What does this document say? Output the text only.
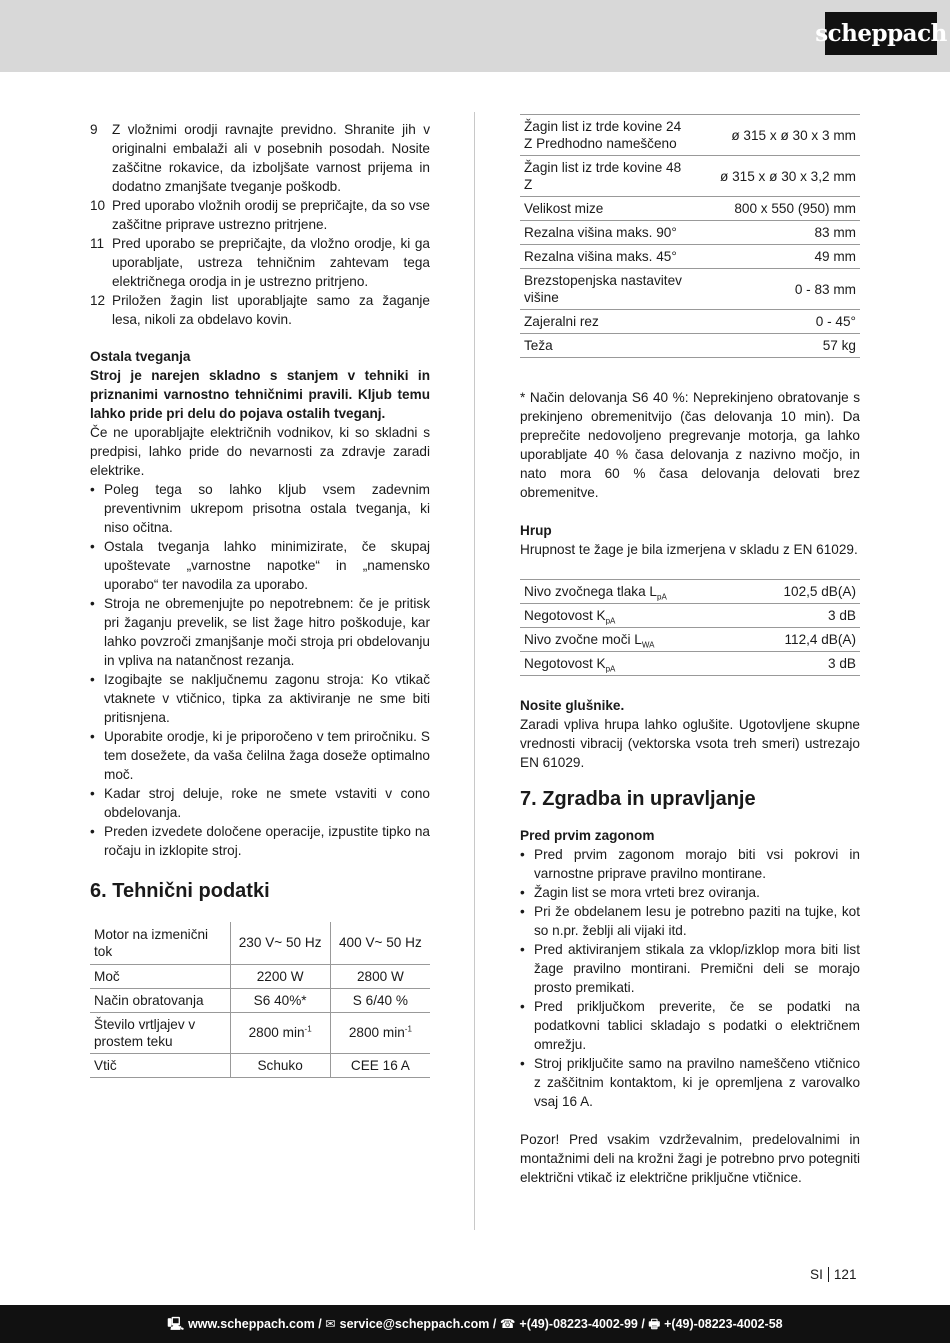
scheppach
9	Z vložnimi orodji ravnajte previdno. Shranite jih v originalni embalaži ali v posebnih posodah. Nosite zaščitne rokavice, da izboljšate varnost prijema in dodatno zmanjšate tveganje poškodb.
10 Pred uporabo vložnih orodij se prepričajte, da so vse zaščitne priprave ustrezno pritrjene.
11 Pred uporabo se prepričajte, da vložno orodje, ki ga uporabljate, ustreza tehničnim zahtevam tega električnega orodja in je ustrezno pritrjeno.
12 Priložen žagin list uporabljajte samo za žaganje lesa, nikoli za obdelavo kovin.
Ostala tveganja

Stroj je narejen skladno s stanjem v tehniki in priznanimi varnostno tehničnimi pravili. Kljub temu lahko pride pri delu do pojava ostalih tveganj.

Če ne uporabljajte električnih vodnikov, ki so skladni s predpisi, lahko pride do nevarnosti za zdravje zaradi elektrike.

• Poleg tega so lahko kljub vsem zadevnim preventivnim ukrepom prisotna ostala tveganja, ki niso očitna.
• Ostala tveganja lahko minimizirate, če skupaj upoštevate „varnostne napotke“ in „namensko uporabo“ ter navodila za uporabo.
• Stroja ne obremenjujte po nepotrebnem: če je pritisk pri žaganju prevelik, se list žage hitro poškoduje, kar lahko povzroči zmanjšanje moči stroja pri obdelovanju in vpliva na natančnost rezanja.
• Izogibajte se naključnemu zagonu stroja: Ko vtikač vtaknete v vtičnico, tipka za aktiviranje ne sme biti pritisnjena.
• Uporabite orodje, ki je priporočeno v tem priročniku. S tem dosežete, da vaša čelilna žaga doseže optimalno moč.
• Kadar stroj deluje, roke ne smete vstaviti v cono obdelovanja.
• Preden izvedete določene operacije, izpustite tipko na ročaju in izklopite stroj.
6. Tehnični podatki
Motor na izmenični tok	230 V~ 50 Hz	400 V~ 50 Hz
Moč	2200 W	2800 W
Način obratovanja	S6 40%*	S 6/40 %
Število vrtljajev v prostem teku	2800 $\min^{-1}$	2800 $\min^{-1}$
Vtič	Schuko	CEE 16 A
Žagin list iz trde kovine 24 Z Predhodno nameščeno	ø 315 x ø 30 x 3 mm
Žagin list iz trde kovine 48 Z	ø 315 x ø 30 x 3,2 mm
Velikost mize	800 x 550 (950) mm
Rezalna višina maks. 90°	83 mm
Rezalna višina maks. 45°	49 mm
Brezstopenjska nastavitev višine	0 - 83 mm
Zajeralni rez	0 - 45°
Teža	57 kg

* Način delovanja S6 40 %: Neprekinjeno obratovanje s prekinjeno obremenitvijo (čas delovanja 10 min). Da preprečite nedovoljeno pregrevanje motorja, ga lahko uporabljate 40 % časa delovanja z nazivno močjo, in nato mora 60 % časa delovanja delovati brez obremenitve.

Hrup

Hrupnost te žage je bila izmerjena v skladu z EN 61029.

Nivo zvočnega tlaka $L_{pA}$	102,5 dB(A)
Negotovost $K_{pA}$	3 dB
Nivo zvočne moči $L_{WA}$	112,4 dB(A)
Negotovost $K_{pA}$	3 dB
Nosite glušnike.

Zaradi vpliva hrupa lahko oglušite. Ugotovljene skupne vrednosti vibracij (vektorska vsota treh smeri) ustrezajo EN 61029.

7. Zgradba in upravljanje
Pred prvim zagonom
• Pred prvim zagonom morajo biti vsi pokrovi in varnostne priprave pravilno montirane.
• Žagin list se mora vrteti brez oviranja.
• Pri že obdelanem lesu je potrebno paziti na tujke, kot so n.pr. žeblji ali vijaki itd.
• Pred aktiviranjem stikala za vklop/izklop mora biti list žage pravilno montirani. Premični deli se morajo prosto premikati.
• Pred priključkom preverite, če se podatki na podatkovni tablici skladajo s podatki o električnem omrežju.
• Stroj priključite samo na pravilno nameščeno vtičnico z zaščitnim kontaktom, ki je opremljena z varovalko vsaj 16 A.

Pozor! Pred vsakim vzdrževalnim, predelovalnimi in montažnimi deli na krožni žagi je potrebno prvo potegniti električni vtikač iz električne priključne vtičnice.

SI 121
🖳 www.scheppach.com / ✉ service@scheppach.com / ☎ +(49)-08223-4002-99 / 🖶 +(49)-08223-4002-58
